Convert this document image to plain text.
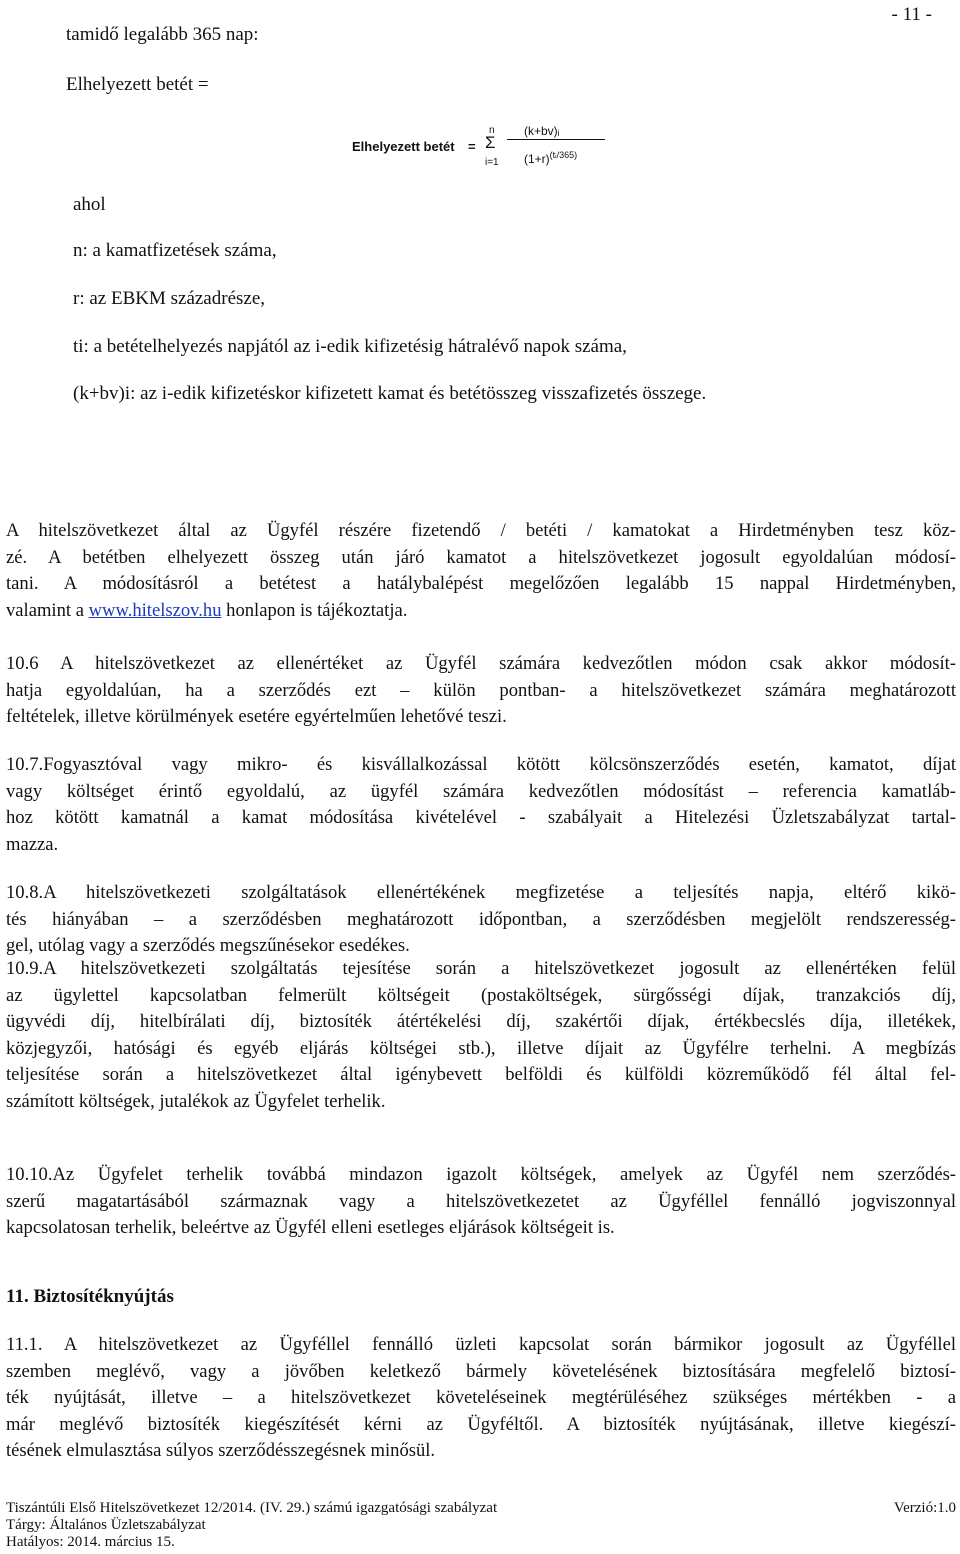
- 11 -
tamidő legalább 365 nap:
Elhelyezett betét =
Elhelyezett betét =
n
Σ
i=1
(k+bv)ᵢ
$(1+r)^{(tᵢ/365)}$
ahol
n: a kamatfizetések száma,
r: az EBKM századrésze,
ti: a betételhelyezés napjától az i-edik kifizetésig hátralévő napok száma,
(k+bv)i: az i-edik kifizetéskor kifizetett kamat és betétösszeg visszafizetés összege.
A hitelszövetkezet által az Ügyfél részére fizetendő / betéti / kamatokat a Hirdetményben tesz köz-
zé. A betétben elhelyezett összeg után járó kamatot a hitelszövetkezet jogosult egyoldalúan módosí-
tani. A módosításról a betétest a hatálybalépést megelőzően legalább 15 nappal Hirdetményben,
valamint a www.hitelszov.hu honlapon is tájékoztatja.
10.6 A hitelszövetkezet az ellenértéket az Ügyfél számára kedvezőtlen módon csak akkor módosít-
hatja egyoldalúan, ha a szerződés ezt – külön pontban- a hitelszövetkezet számára meghatározott
feltételek, illetve körülmények esetére egyértelműen lehetővé teszi.
10.7.Fogyasztóval vagy mikro- és kisvállalkozással kötött kölcsönszerződés esetén, kamatot, díjat
vagy költséget érintő egyoldalú, az ügyfél számára kedvezőtlen módosítást – referencia kamatláb-
hoz kötött kamatnál a kamat módosítása kivételével - szabályait a Hitelezési Üzletszabályzat tartal-
mazza.
10.8.A hitelszövetkezeti szolgáltatások ellenértékének megfizetése a teljesítés napja, eltérő kikö-
tés hiányában – a szerződésben meghatározott időpontban, a szerződésben megjelölt rendszeresség-
gel, utólag vagy a szerződés megszűnésekor esedékes.
10.9.A hitelszövetkezeti szolgáltatás tejesítése során a hitelszövetkezet jogosult az ellenértéken felül
az ügylettel kapcsolatban felmerült költségeit (postaköltségek, sürgősségi díjak, tranzakciós díj,
ügyvédi díj, hitelbírálati díj, biztosíték átértékelési díj, szakértői díjak, értékbecslés díja, illetékek,
közjegyzői, hatósági és egyéb eljárás költségei stb.), illetve díjait az Ügyfélre terhelni. A megbízás
teljesítése során a hitelszövetkezet által igénybevett belföldi és külföldi közreműködő fél által fel-
számított költségek, jutalékok az Ügyfelet terhelik.
10.10.Az Ügyfelet terhelik továbbá mindazon igazolt költségek, amelyek az Ügyfél nem szerződés-
szerű magatartásából származnak vagy a hitelszövetkezetet az Ügyféllel fennálló jogviszonnyal
kapcsolatosan terhelik, beleértve az Ügyfél elleni esetleges eljárások költségeit is.
11. Biztosítéknyújtás
11.1. A hitelszövetkezet az Ügyféllel fennálló üzleti kapcsolat során bármikor jogosult az Ügyféllel
szemben meglévő, vagy a jövőben keletkező bármely követelésének biztosítására megfelelő biztosí-
ték nyújtását, illetve – a hitelszövetkezet követeléseinek megtérüléséhez szükséges mértékben - a
már meglévő biztosíték kiegészítését kérni az Ügyféltől. A biztosíték nyújtásának, illetve kiegészí-
tésének elmulasztása súlyos szerződésszegésnek minősül.
Tiszántúli Első Hitelszövetkezet 12/2014. (IV. 29.) számú igazgatósági szabályzat	Verzió:1.0
Tárgy: Általános Üzletszabályzat
Hatályos: 2014. március 15.
